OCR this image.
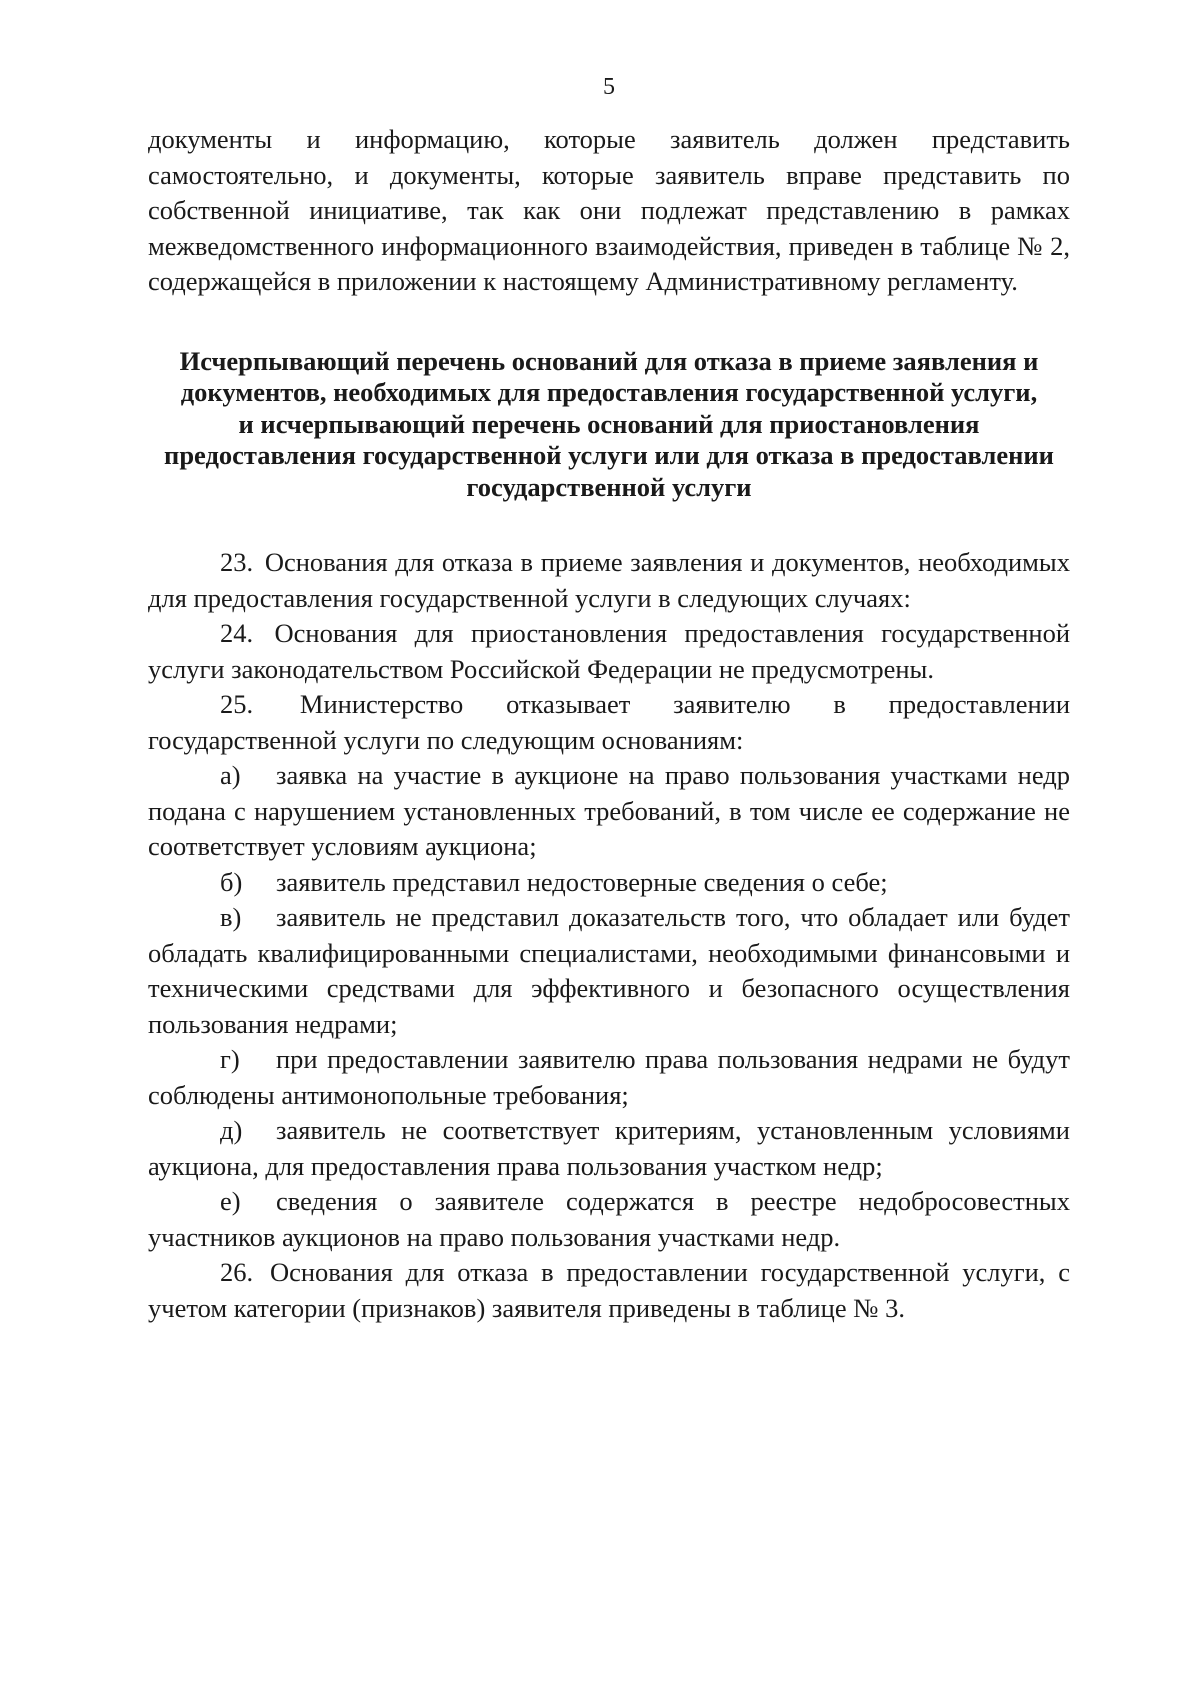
5

документы и информацию, которые заявитель должен представить самостоятельно, и документы, которые заявитель вправе представить по собственной инициативе, так как они подлежат представлению в рамках межведомственного информационного взаимодействия, приведен в таблице № 2, содержащейся в приложении к настоящему Административному регламенту.

Исчерпывающий перечень оснований для отказа в приеме заявления и
документов, необходимых для предоставления государственной услуги,
и исчерпывающий перечень оснований для приостановления
предоставления государственной услуги или для отказа в предоставлении
государственной услуги

23. Основания для отказа в приеме заявления и документов, необходимых для предоставления государственной услуги в следующих случаях:

24. Основания для приостановления предоставления государственной услуги законодательством Российской Федерации не предусмотрены.

25. Министерство отказывает заявителю в предоставлении государственной услуги по следующим основаниям:

а) заявка на участие в аукционе на право пользования участками недр подана с нарушением установленных требований, в том числе ее содержание не соответствует условиям аукциона;

б) заявитель представил недостоверные сведения о себе;

в) заявитель не представил доказательств того, что обладает или будет обладать квалифицированными специалистами, необходимыми финансовыми и техническими средствами для эффективного и безопасного осуществления пользования недрами;

г) при предоставлении заявителю права пользования недрами не будут соблюдены антимонопольные требования;

д) заявитель не соответствует критериям, установленным условиями аукциона, для предоставления права пользования участком недр;

е) сведения о заявителе содержатся в реестре недобросовестных участников аукционов на право пользования участками недр.

26. Основания для отказа в предоставлении государственной услуги, с учетом категории (признаков) заявителя приведены в таблице № 3.
